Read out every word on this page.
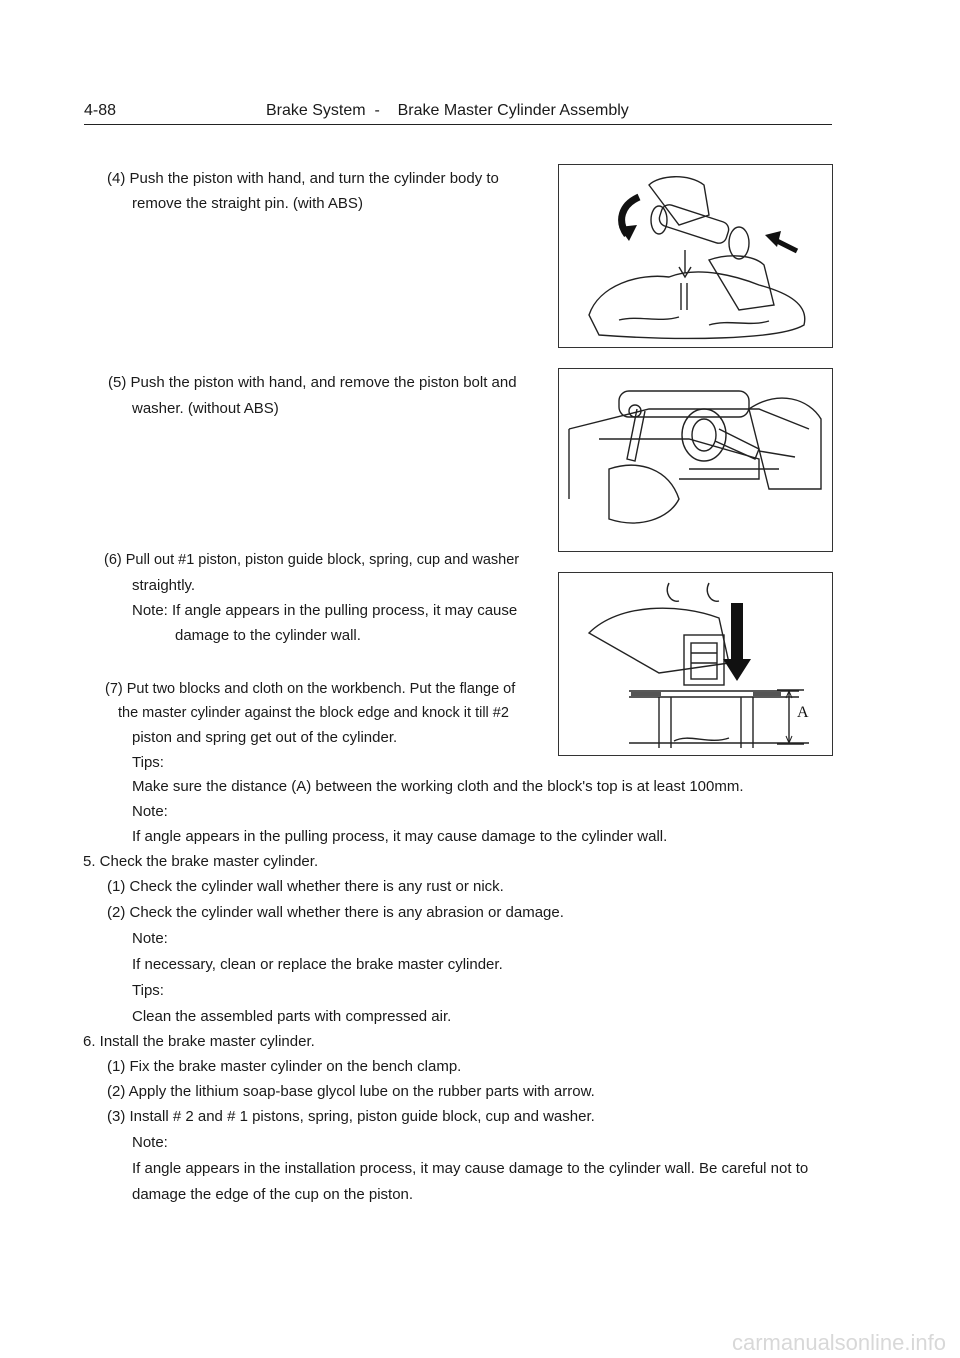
4-88	Brake System  -    Brake Master Cylinder Assembly
(4) Push the piston with hand, and turn the cylinder body to
remove the straight pin. (with ABS)
(5) Push the piston with hand, and remove the piston bolt and
washer. (without ABS)
(6) Pull out #1 piston, piston guide block, spring, cup and washer
straightly.
Note: If angle appears in the pulling process, it may cause
damage to the cylinder wall.
A
(7) Put two blocks and cloth on the workbench. Put the flange of
the master cylinder against the block edge and knock it till #2
piston and spring get out of the cylinder.
Tips:
Make sure the distance (A) between the working cloth and the block's top is at least 100mm.
Note:
If angle appears in the pulling process, it may cause damage to the cylinder wall.
5. Check the brake master cylinder.
(1) Check the cylinder wall whether there is any rust or nick.
(2) Check the cylinder wall whether there is any abrasion or damage.
Note:
If necessary, clean or replace the brake master cylinder.
Tips:
Clean the assembled parts with compressed air.
6. Install the brake master cylinder.
(1) Fix the brake master cylinder on the bench clamp.
(2) Apply the lithium soap-base glycol lube on the rubber parts with arrow.
(3) Install # 2 and # 1 pistons, spring, piston guide block, cup and washer.
Note:
If angle appears in the installation process, it may cause damage to the cylinder wall. Be careful not to
damage the edge of the cup on the piston.
carmanualsonline.info
